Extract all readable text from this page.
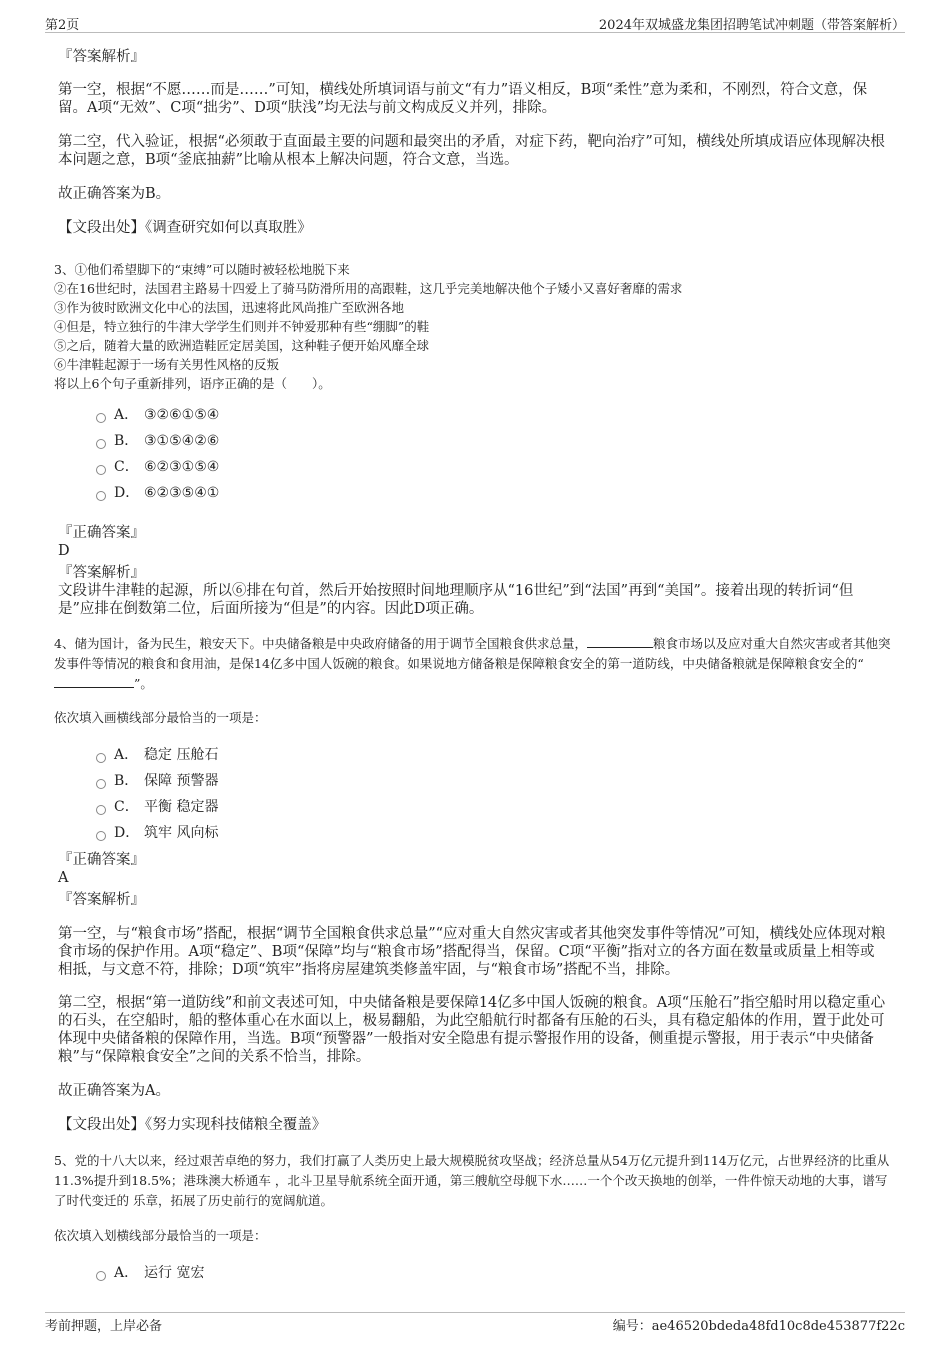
第2页	2024年双城盛龙集团招聘笔试冲刺题（带答案解析）
『答案解析』
第一空，根据“不愿……而是……”可知，横线处所填词语与前文“有力”语义相反，B项“柔性”意为柔和，不刚烈，符合文意，保留。A项“无效”、C项“拙劣”、D项“肤浅”均无法与前文构成反义并列，排除。
第二空，代入验证，根据“必须敢于直面最主要的问题和最突出的矛盾，对症下药，靶向治疗”可知，横线处所填成语应体现解决根本问题之意，B项“釜底抽薪”比喻从根本上解决问题，符合文意，当选。
故正确答案为B。
【文段出处】《调查研究如何以真取胜》
3、①他们希望脚下的“束缚”可以随时被轻松地脱下来
②在16世纪时，法国君主路易十四爱上了骑马防滑所用的高跟鞋，这几乎完美地解决他个子矮小又喜好奢靡的需求
③作为彼时欧洲文化中心的法国，迅速将此风尚推广至欧洲各地
④但是，特立独行的牛津大学学生们则并不钟爱那种有些“绷脚”的鞋
⑤之后，随着大量的欧洲造鞋匠定居美国，这种鞋子便开始风靡全球
⑥牛津鞋起源于一场有关男性风格的反叛
将以上6个句子重新排列，语序正确的是（　　）。
A． ③②⑥①⑤④
B． ③①⑤④②⑥
C． ⑥②③①⑤④
D． ⑥②③⑤④①
『正确答案』
D
『答案解析』
文段讲牛津鞋的起源，所以⑥排在句首，然后开始按照时间地理顺序从“16世纪”到“法国”再到“美国”。接着出现的转折词“但是”应排在倒数第二位，后面所接为“但是”的内容。因此D项正确。
4、储为国计，备为民生，粮安天下。中央储备粮是中央政府储备的用于调节全国粮食供求总量，	粮食市场以及应对重大自然灾害或者其他突发事件等情况的粮食和食用油，是保14亿多中国人饭碗的粮食。如果说地方储备粮是保障粮食安全的第一道防线，中央储备粮就是保障粮食安全的“”。
依次填入画横线部分最恰当的一项是：
A． 稳定 压舱石
B． 保障 预警器
C． 平衡 稳定器
D． 筑牢 风向标
『正确答案』
A
『答案解析』
第一空，与“粮食市场”搭配，根据“调节全国粮食供求总量”“应对重大自然灾害或者其他突发事件等情况”可知，横线处应体现对粮食市场的保护作用。A项“稳定”、B项“保障”均与“粮食市场”搭配得当，保留。C项“平衡”指对立的各方面在数量或质量上相等或相抵，与文意不符，排除；D项“筑牢”指将房屋建筑类修盖牢固，与“粮食市场”搭配不当，排除。
第二空，根据“第一道防线”和前文表述可知，中央储备粮是要保障14亿多中国人饭碗的粮食。A项“压舱石”指空船时用以稳定重心的石头，在空船时，船的整体重心在水面以上，极易翻船，为此空船航行时都备有压舱的石头，具有稳定船体的作用，置于此处可体现中央储备粮的保障作用，当选。B项“预警器”一般指对安全隐患有提示警报作用的设备，侧重提示警报，用于表示“中央储备粮”与“保障粮食安全”之间的关系不恰当，排除。
故正确答案为A。
【文段出处】《努力实现科技储粮全覆盖》
5、党的十八大以来，经过艰苦卓绝的努力，我们打赢了人类历史上最大规模脱贫攻坚战；经济总量从54万亿元提升到114万亿元，占世界经济的比重从11.3%提升到18.5%；港珠澳大桥通车 ，北斗卫星导航系统全面开通，第三艘航空母舰下水……一个个改天换地的创举，一件件惊天动地的大事，谱写了时代变迁的 乐章，拓展了历史前行的宽阔航道。
依次填入划横线部分最恰当的一项是：
A． 运行 宽宏
考前押题，上岸必备	编号：ae46520bdeda48fd10c8de453877f22c
